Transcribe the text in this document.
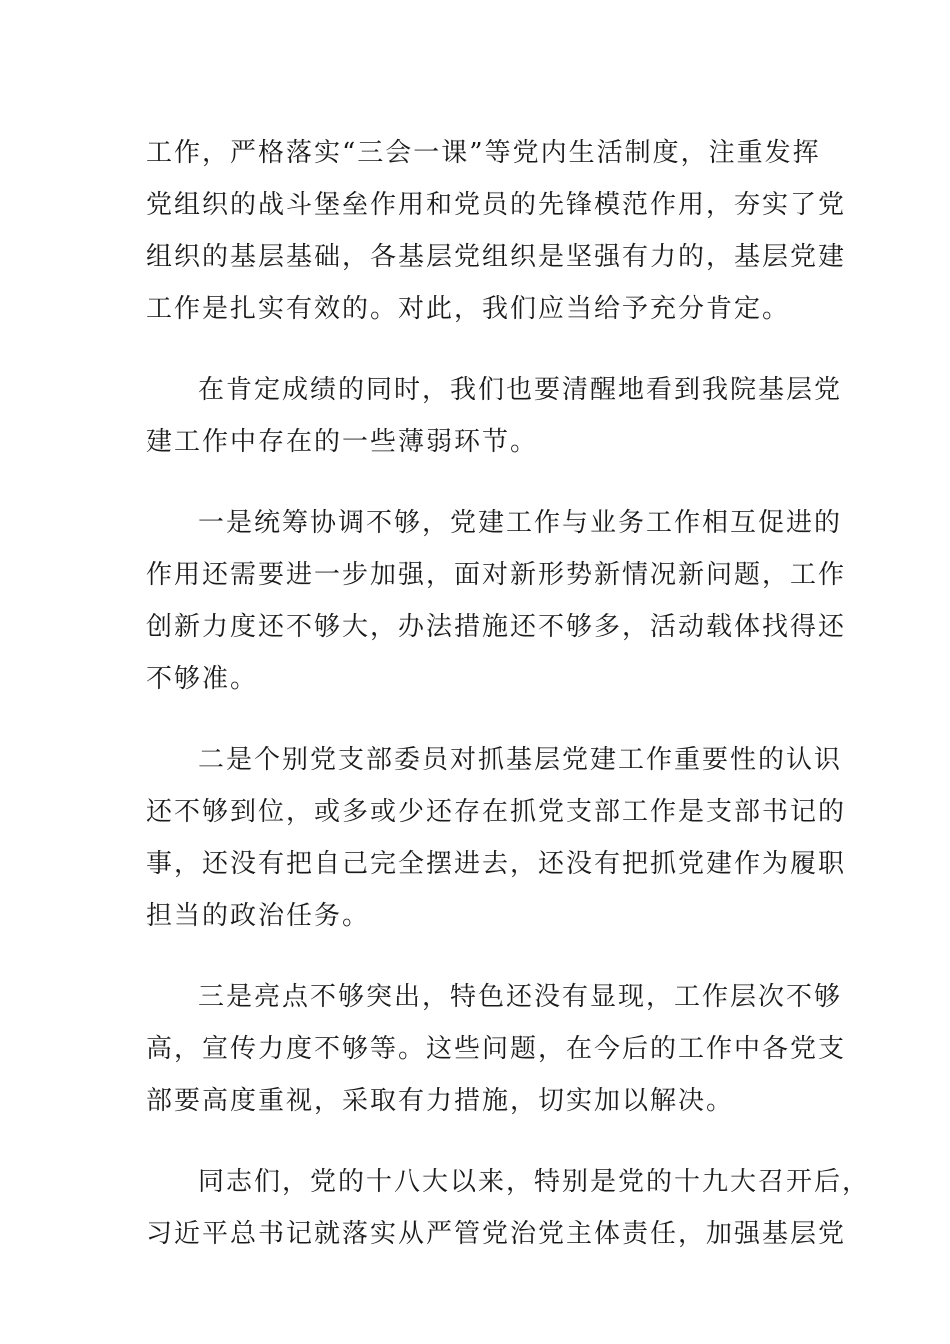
工作，严格落实“三会一课”等党内生活制度，注重发挥
党组织的战斗堡垒作用和党员的先锋模范作用，夯实了党
组织的基层基础，各基层党组织是坚强有力的，基层党建
工作是扎实有效的。对此，我们应当给予充分肯定。

在肯定成绩的同时，我们也要清醒地看到我院基层党
建工作中存在的一些薄弱环节。

一是统筹协调不够，党建工作与业务工作相互促进的
作用还需要进一步加强，面对新形势新情况新问题，工作
创新力度还不够大，办法措施还不够多，活动载体找得还
不够准。

二是个别党支部委员对抓基层党建工作重要性的认识
还不够到位，或多或少还存在抓党支部工作是支部书记的
事，还没有把自己完全摆进去，还没有把抓党建作为履职
担当的政治任务。

三是亮点不够突出，特色还没有显现，工作层次不够
高，宣传力度不够等。这些问题，在今后的工作中各党支
部要高度重视，采取有力措施，切实加以解决。

同志们，党的十八大以来，特别是党的十九大召开后，
习近平总书记就落实从严管党治党主体责任，加强基层党
